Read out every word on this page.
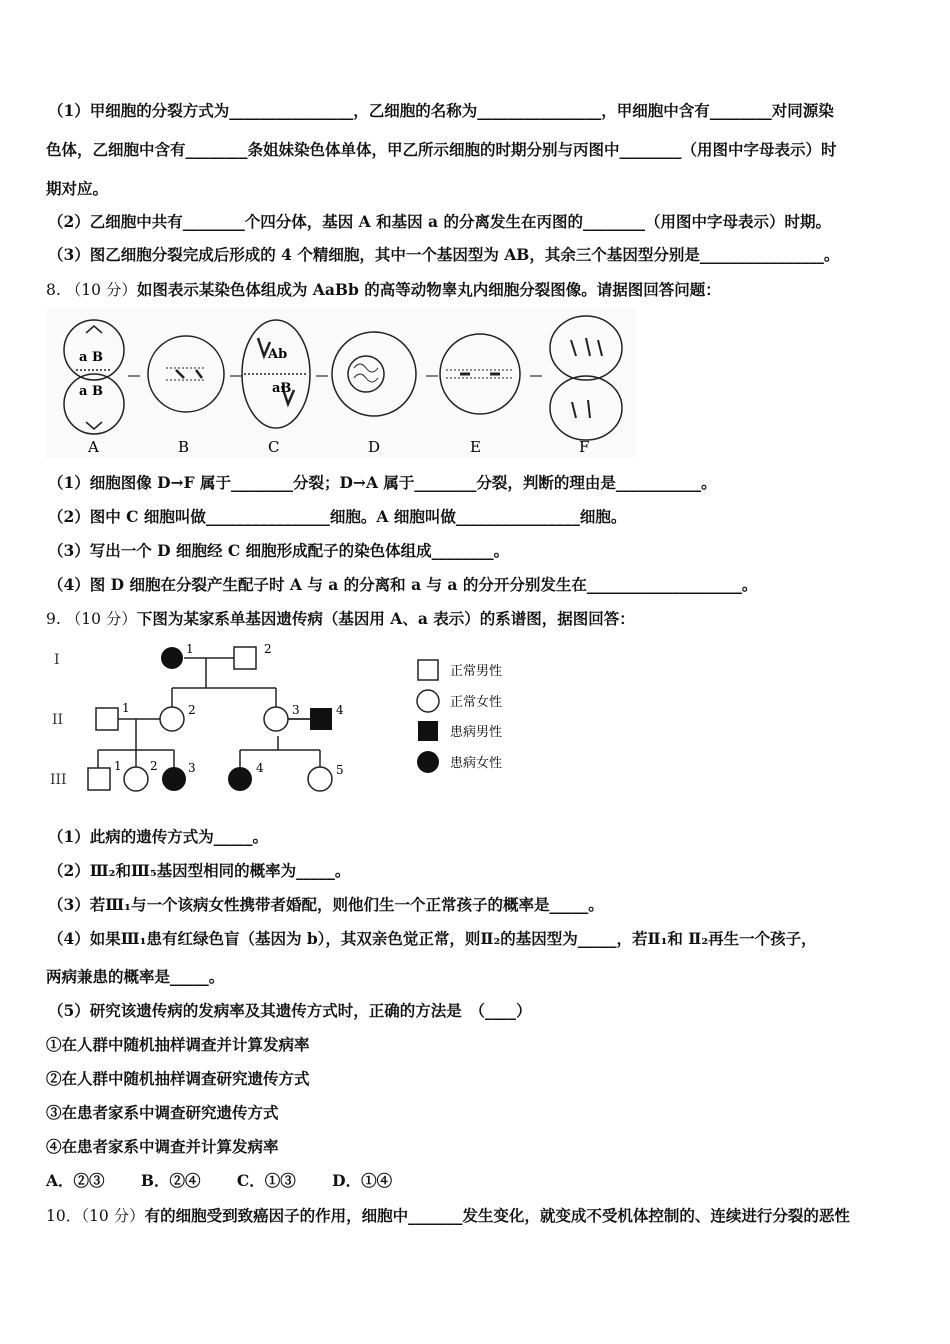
（1）甲细胞的分裂方式为________________，乙细胞的名称为________________，甲细胞中含有________对同源染
色体，乙细胞中含有________条姐妹染色体单体，甲乙所示细胞的时期分别与丙图中________（用图中字母表示）时
期对应。
（2）乙细胞中共有________个四分体，基因 A 和基因 a 的分离发生在丙图的________（用图中字母表示）时期。
（3）图乙细胞分裂完成后形成的 4 个精细胞，其中一个基因型为 AB，其余三个基因型分别是________________。
8. （10 分）如图表示某染色体组成为 AaBb 的高等动物睾丸内细胞分裂图像。请据图回答问题：
a B
a B
Ab
aB
A	B	C	D	E	F
（1）细胞图像 D→F 属于________分裂；D→A 属于________分裂，判断的理由是___________。
（2）图中 C 细胞叫做________________细胞。A 细胞叫做________________细胞。
（3）写出一个 D 细胞经 C 细胞形成配子的染色体组成________。
（4）图 D 细胞在分裂产生配子时 A 与 a 的分离和 a 与 a 的分开分别发生在____________________。
9. （10 分）下图为某家系单基因遗传病（基因用 A、a 表示）的系谱图，据图回答：
I
II
III
1	2
1	2	3	4
1 2	3	4	5
正常男性
正常女性
患病男性
患病女性
（1）此病的遗传方式为_____。
（2）Ⅲ₂和Ⅲ₅基因型相同的概率为_____。
（3）若Ⅲ₁与一个该病女性携带者婚配，则他们生一个正常孩子的概率是_____。
（4）如果Ⅲ₁患有红绿色盲（基因为 b），其双亲色觉正常，则Ⅱ₂的基因型为_____，若Ⅱ₁和 Ⅱ₂再生一个孩子，
两病兼患的概率是_____。
（5）研究该遗传病的发病率及其遗传方式时，正确的方法是　（____）
①在人群中随机抽样调查并计算发病率
②在人群中随机抽样调查研究遗传方式
③在患者家系中调查研究遗传方式
④在患者家系中调查并计算发病率
A．②③　　 B．②④　　 C．①③　　 D．①④
10．（10 分）有的细胞受到致癌因子的作用，细胞中_______发生变化，就变成不受机体控制的、连续进行分裂的恶性
